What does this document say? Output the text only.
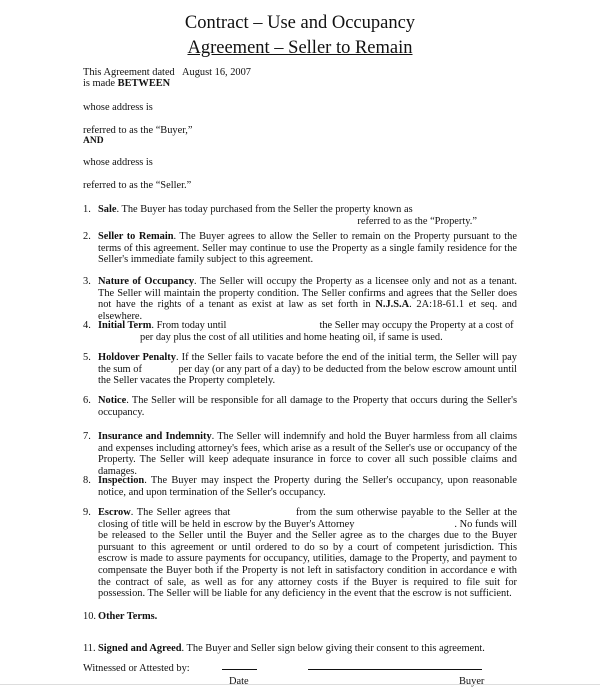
Contract – Use and Occupancy
Agreement – Seller to Remain
This Agreement dated August 16, 2007
is made BETWEEN
whose address is
referred to as the “Buyer,”
AND
whose address is
referred to as the “Seller.”
1. Sale. The Buyer has today purchased from the Seller the property known as
referred to as the “Property.”
2. Seller to Remain. The Buyer agrees to allow the Seller to remain on the Property pursuant to the terms of this agreement. Seller may continue to use the Property as a single family residence for the Seller's immediate family subject to this agreement.
3. Nature of Occupancy. The Seller will occupy the Property as a licensee only and not as a tenant. The Seller will maintain the property condition. The Seller confirms and agrees that the Seller does not have the rights of a tenant as exist at law as set forth in N.J.S.A. 2A:18-61.1 et seq. and elsewhere.
4. Initial Term. From today until	the Seller may occupy the Property at a cost of
per day plus the cost of all utilities and home heating oil, if same is used.
5. Holdover Penalty. If the Seller fails to vacate before the end of the initial term, the Seller will pay the sum of	per day (or any part of a day) to be deducted from the below escrow amount until the Seller vacates the Property completely.
6. Notice. The Seller will be responsible for all damage to the Property that occurs during the Seller's occupancy.
7. Insurance and Indemnity. The Seller will indemnify and hold the Buyer harmless from all claims and expenses including attorney's fees, which arise as a result of the Seller's use or occupancy of the Property. The Seller will keep adequate insurance in force to cover all such possible claims and damages.
8. Inspection. The Buyer may inspect the Property during the Seller's occupancy, upon reasonable notice, and upon termination of the Seller's occupancy.
9. Escrow. The Seller agrees that	from the sum otherwise payable to the Seller at the closing of title will be held in escrow by the Buyer's Attorney	. No funds will be released to the Seller until the Buyer and the Seller agree as to the charges due to the Buyer pursuant to this agreement or until ordered to do so by a court of competent jurisdiction. This escrow is made to assure payments for occupancy, utilities, damage to the Property, and payment to compensate the Buyer both if the Property is not left in satisfactory condition in accordance e with the contract of sale, as well as for any attorney costs if the Buyer is required to file suit for possession. The Seller will be liable for any deficiency in the event that the escrow is not sufficient.
10. Other Terms.
11. Signed and Agreed. The Buyer and Seller sign below giving their consent to this agreement.
Witnessed or Attested by:
Date	Buyer
